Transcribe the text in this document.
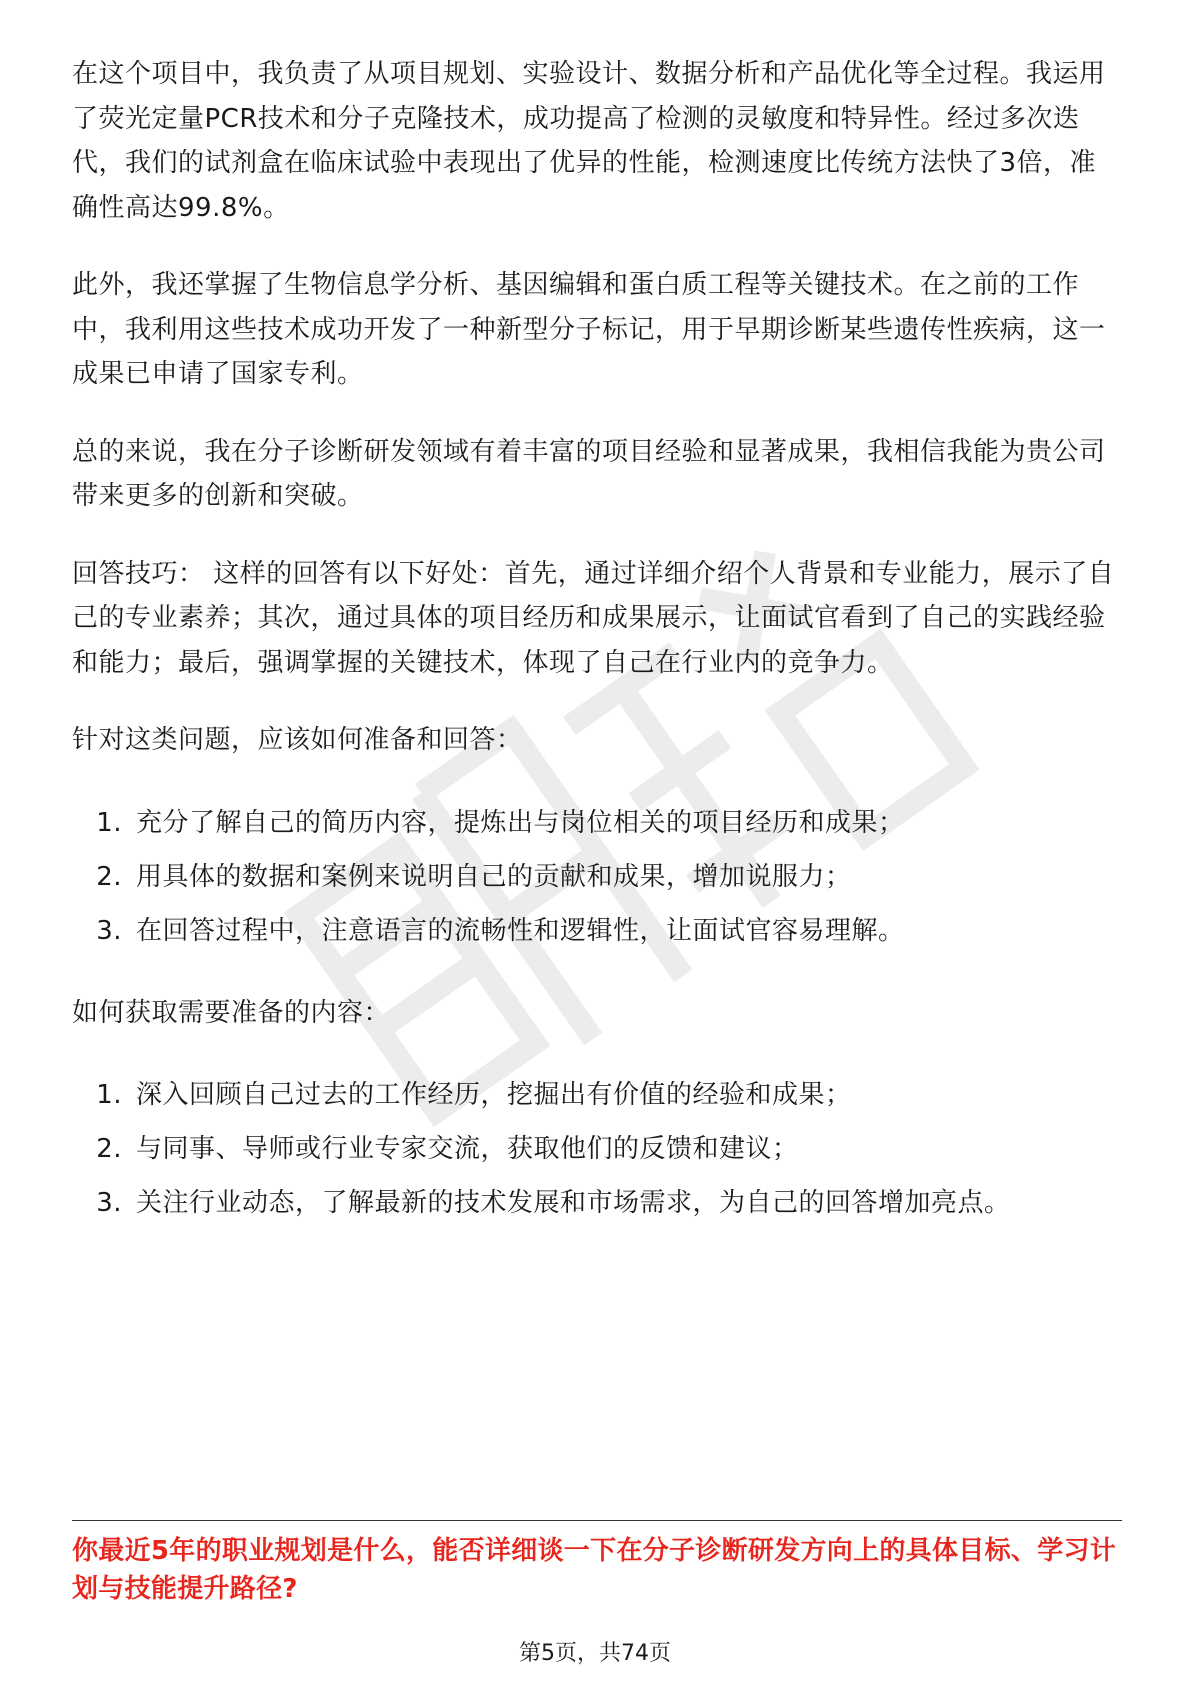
在这个项目中，我负责了从项目规划、实验设计、数据分析和产品优化等全过程。我运用了荧光定量PCR技术和分子克隆技术，成功提高了检测的灵敏度和特异性。经过多次迭代，我们的试剂盒在临床试验中表现出了优异的性能，检测速度比传统方法快了3倍，准确性高达99.8%。

此外，我还掌握了生物信息学分析、基因编辑和蛋白质工程等关键技术。在之前的工作中，我利用这些技术成功开发了一种新型分子标记，用于早期诊断某些遗传性疾病，这一成果已申请了国家专利。

总的来说，我在分子诊断研发领域有着丰富的项目经验和显著成果，我相信我能为贵公司带来更多的创新和突破。

回答技巧： 这样的回答有以下好处：首先，通过详细介绍个人背景和专业能力，展示了自己的专业素养；其次，通过具体的项目经历和成果展示，让面试官看到了自己的实践经验和能力；最后，强调掌握的关键技术，体现了自己在行业内的竞争力。

针对这类问题，应该如何准备和回答：

1. 充分了解自己的简历内容，提炼出与岗位相关的项目经历和成果；
2. 用具体的数据和案例来说明自己的贡献和成果，增加说服力；
3. 在回答过程中，注意语言的流畅性和逻辑性，让面试官容易理解。

如何获取需要准备的内容：

1. 深入回顾自己过去的工作经历，挖掘出有价值的经验和成果；
2. 与同事、导师或行业专家交流，获取他们的反馈和建议；
3. 关注行业动态，了解最新的技术发展和市场需求，为自己的回答增加亮点。
你最近5年的职业规划是什么，能否详细谈一下在分子诊断研发方向上的具体目标、学习计划与技能提升路径?
第5页，共74页
